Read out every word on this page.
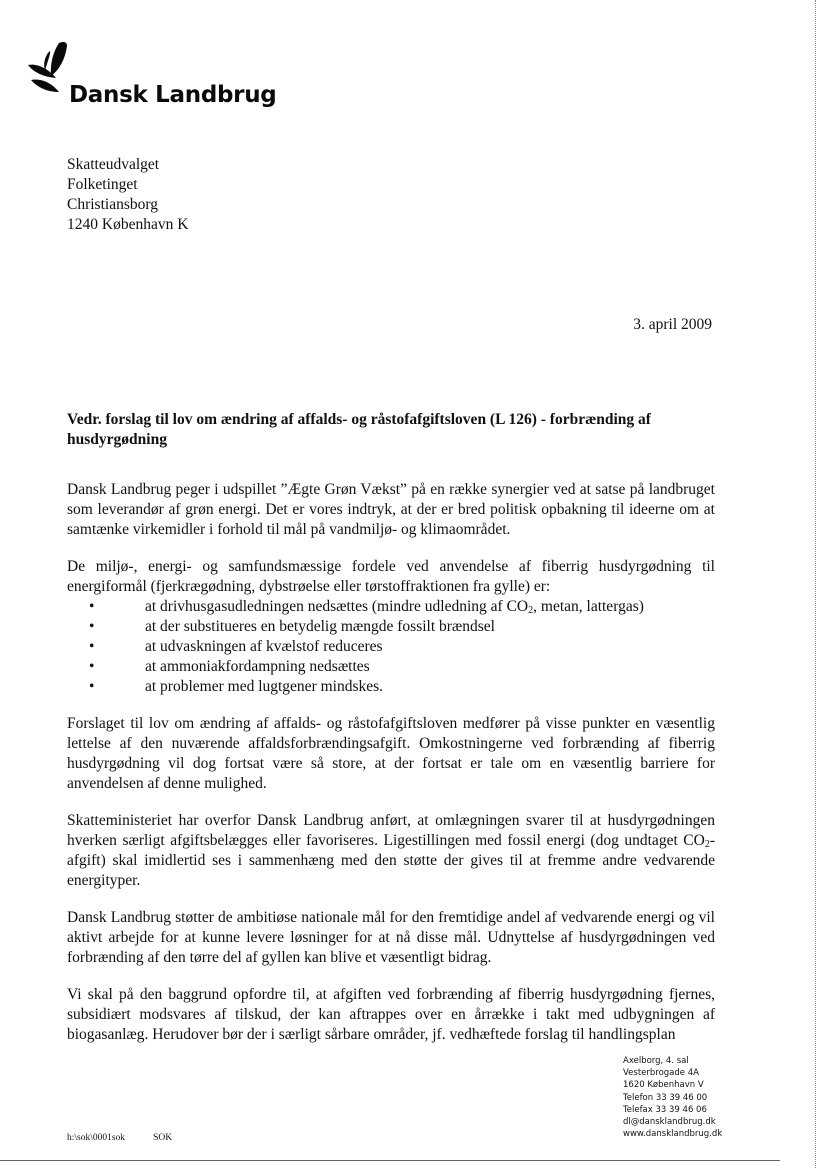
Dansk Landbrug
Skatteudvalget
Folketinget
Christiansborg
1240 København K
3. april 2009
Vedr. forslag til lov om ændring af affalds- og råstofafgiftsloven (L 126) - forbrænding af husdyrgødning

Dansk Landbrug peger i udspillet ”Ægte Grøn Vækst” på en række synergier ved at satse på landbruget som leverandør af grøn energi. Det er vores indtryk, at der er bred politisk opbakning til ideerne om at samtænke virkemidler i forhold til mål på vandmiljø- og klimaområdet.

De miljø-, energi- og samfundsmæssige fordele ved anvendelse af fiberrig husdyrgødning til energiformål (fjerkrægødning, dybstrøelse eller tørstoffraktionen fra gylle) er:

•	at drivhusgasudledningen nedsættes (mindre udledning af $CO_2$, metan, lattergas)
•	at der substitueres en betydelig mængde fossilt brændsel
•	at udvaskningen af kvælstof reduceres
•	at ammoniakfordampning nedsættes
•	at problemer med lugtgener mindskes.

Forslaget til lov om ændring af affalds- og råstofafgiftsloven medfører på visse punkter en væsentlig lettelse af den nuværende affaldsforbrændingsafgift. Omkostningerne ved forbrænding af fiberrig husdyrgødning vil dog fortsat være så store, at der fortsat er tale om en væsentlig barriere for anvendelsen af denne mulighed.

Skatteministeriet har overfor Dansk Landbrug anført, at omlægningen svarer til at husdyrgødningen hverken særligt afgiftsbelægges eller favoriseres. Ligestillingen med fossil energi (dog undtaget $CO_2-afgift$) skal imidlertid ses i sammenhæng med den støtte der gives til at fremme andre vedvarende energityper.

Dansk Landbrug støtter de ambitiøse nationale mål for den fremtidige andel af vedvarende energi og vil aktivt arbejde for at kunne levere løsninger for at nå disse mål. Udnyttelse af husdyrgødningen ved forbrænding af den tørre del af gyllen kan blive et væsentligt bidrag.

Vi skal på den baggrund opfordre til, at afgiften ved forbrænding af fiberrig husdyrgødning fjernes, subsidiært modsvares af tilskud, der kan aftrappes over en årrække i takt med udbygningen af biogasanlæg. Herudover bør der i særligt sårbare områder, jf. vedhæftede forslag til handlingsplan

Axelborg, 4. sal
Vesterbrogade 4A
1620 København V
Telefon 33 39 46 00
Telefax 33 39 46 06
dl@dansklandbrug.dk
www.dansklandbrug.dk
h:\sok\0001sok	SOK
